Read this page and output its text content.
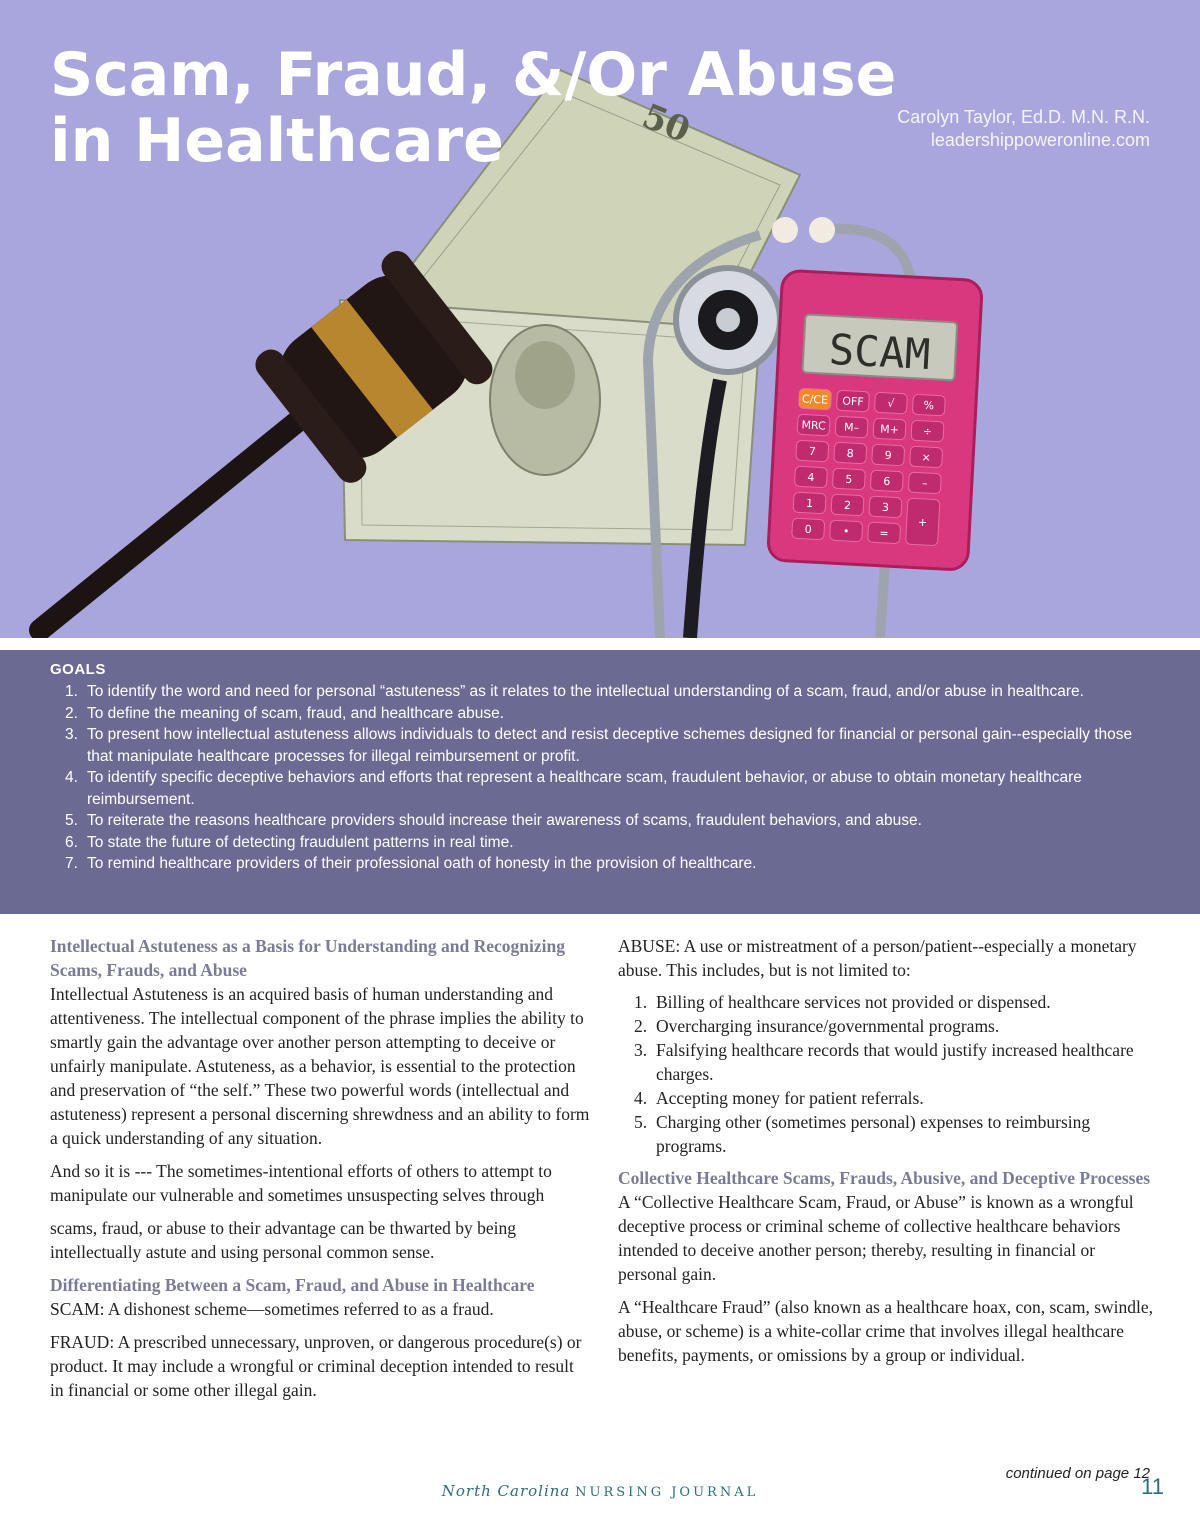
50
SCAM
C/CE OFF √	%
MRC M– M+ ÷
7	8	9	×
4	5	6	–
1	2	3
+
0	•	=
Scam, Fraud, &/Or Abuse in Healthcare	Carolyn Taylor, Ed.D. M.N. R.N.
leadershippoweronline.com
GOALS
1. To identify the word and need for personal “astuteness” as it relates to the intellectual understanding of a scam, fraud, and/or abuse in healthcare.
2. To define the meaning of scam, fraud, and healthcare abuse.
3. To present how intellectual astuteness allows individuals to detect and resist deceptive schemes designed for financial or personal gain--especially those that manipulate healthcare processes for illegal reimbursement or profit.
4. To identify specific deceptive behaviors and efforts that represent a healthcare scam, fraudulent behavior, or abuse to obtain monetary healthcare reimbursement.
5. To reiterate the reasons healthcare providers should increase their awareness of scams, fraudulent behaviors, and abuse.
6. To state the future of detecting fraudulent patterns in real time.
7. To remind healthcare providers of their professional oath of honesty in the provision of healthcare.

Intellectual Astuteness as a Basis for Understanding and Recognizing Scams, Frauds, and Abuse

Intellectual Astuteness is an acquired basis of human understanding and attentiveness. The intellectual component of the phrase implies the ability to smartly gain the advantage over another person attempting to deceive or unfairly manipulate. Astuteness, as a behavior, is essential to the protection and preservation of “the self.” These two powerful words (intellectual and astuteness) represent a personal discerning shrewdness and an ability to form a quick understanding of any situation.

And so it is --- The sometimes-intentional efforts of others to attempt to manipulate our vulnerable and sometimes unsuspecting selves through

scams, fraud, or abuse to their advantage can be thwarted by being intellectually astute and using personal common sense.

Differentiating Between a Scam, Fraud, and Abuse in Healthcare

SCAM: A dishonest scheme—sometimes referred to as a fraud.

FRAUD: A prescribed unnecessary, unproven, or dangerous procedure(s) or product. It may include a wrongful or criminal deception intended to result in financial or some other illegal gain.

ABUSE: A use or mistreatment of a person/patient--especially a monetary abuse. This includes, but is not limited to:

1. Billing of healthcare services not provided or dispensed.
2. Overcharging insurance/governmental programs.
3. Falsifying healthcare records that would justify increased healthcare charges.
4. Accepting money for patient referrals.
5. Charging other (sometimes personal) expenses to reimbursing programs.

Collective Healthcare Scams, Frauds, Abusive, and Deceptive Processes

A “Collective Healthcare Scam, Fraud, or Abuse” is known as a wrongful deceptive process or criminal scheme of collective healthcare behaviors intended to deceive another person; thereby, resulting in financial or personal gain.

A “Healthcare Fraud” (also known as a healthcare hoax, con, scam, swindle, abuse, or scheme) is a white-collar crime that involves illegal healthcare benefits, payments, or omissions by a group or individual.

continued on page 12
North Carolina NURSING JOURNAL	11
